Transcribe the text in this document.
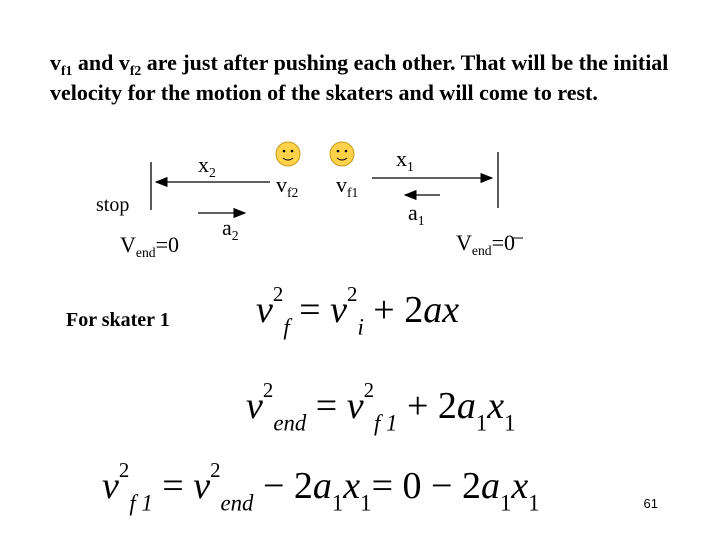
$v_{f1}$ and $v_{f2}$ are just after pushing each other. That will be the initial velocity for the motion of the skaters and will come to rest.
$x_2$
stop
$V_{end}=0$
$a_2$
$v_{f2}$ $v_{f1}$
$x_1$
$a_1$
$V_{end}=0$
For skater 1 $v^2_f = v^2_i + 2ax$
$v^2_{end} = v^2_{f 1} + 2a_1x_1$
$v^2_{f 1} = v^2_{end} - 2a_1x_1= 0 - 2a_1x_1$	61
